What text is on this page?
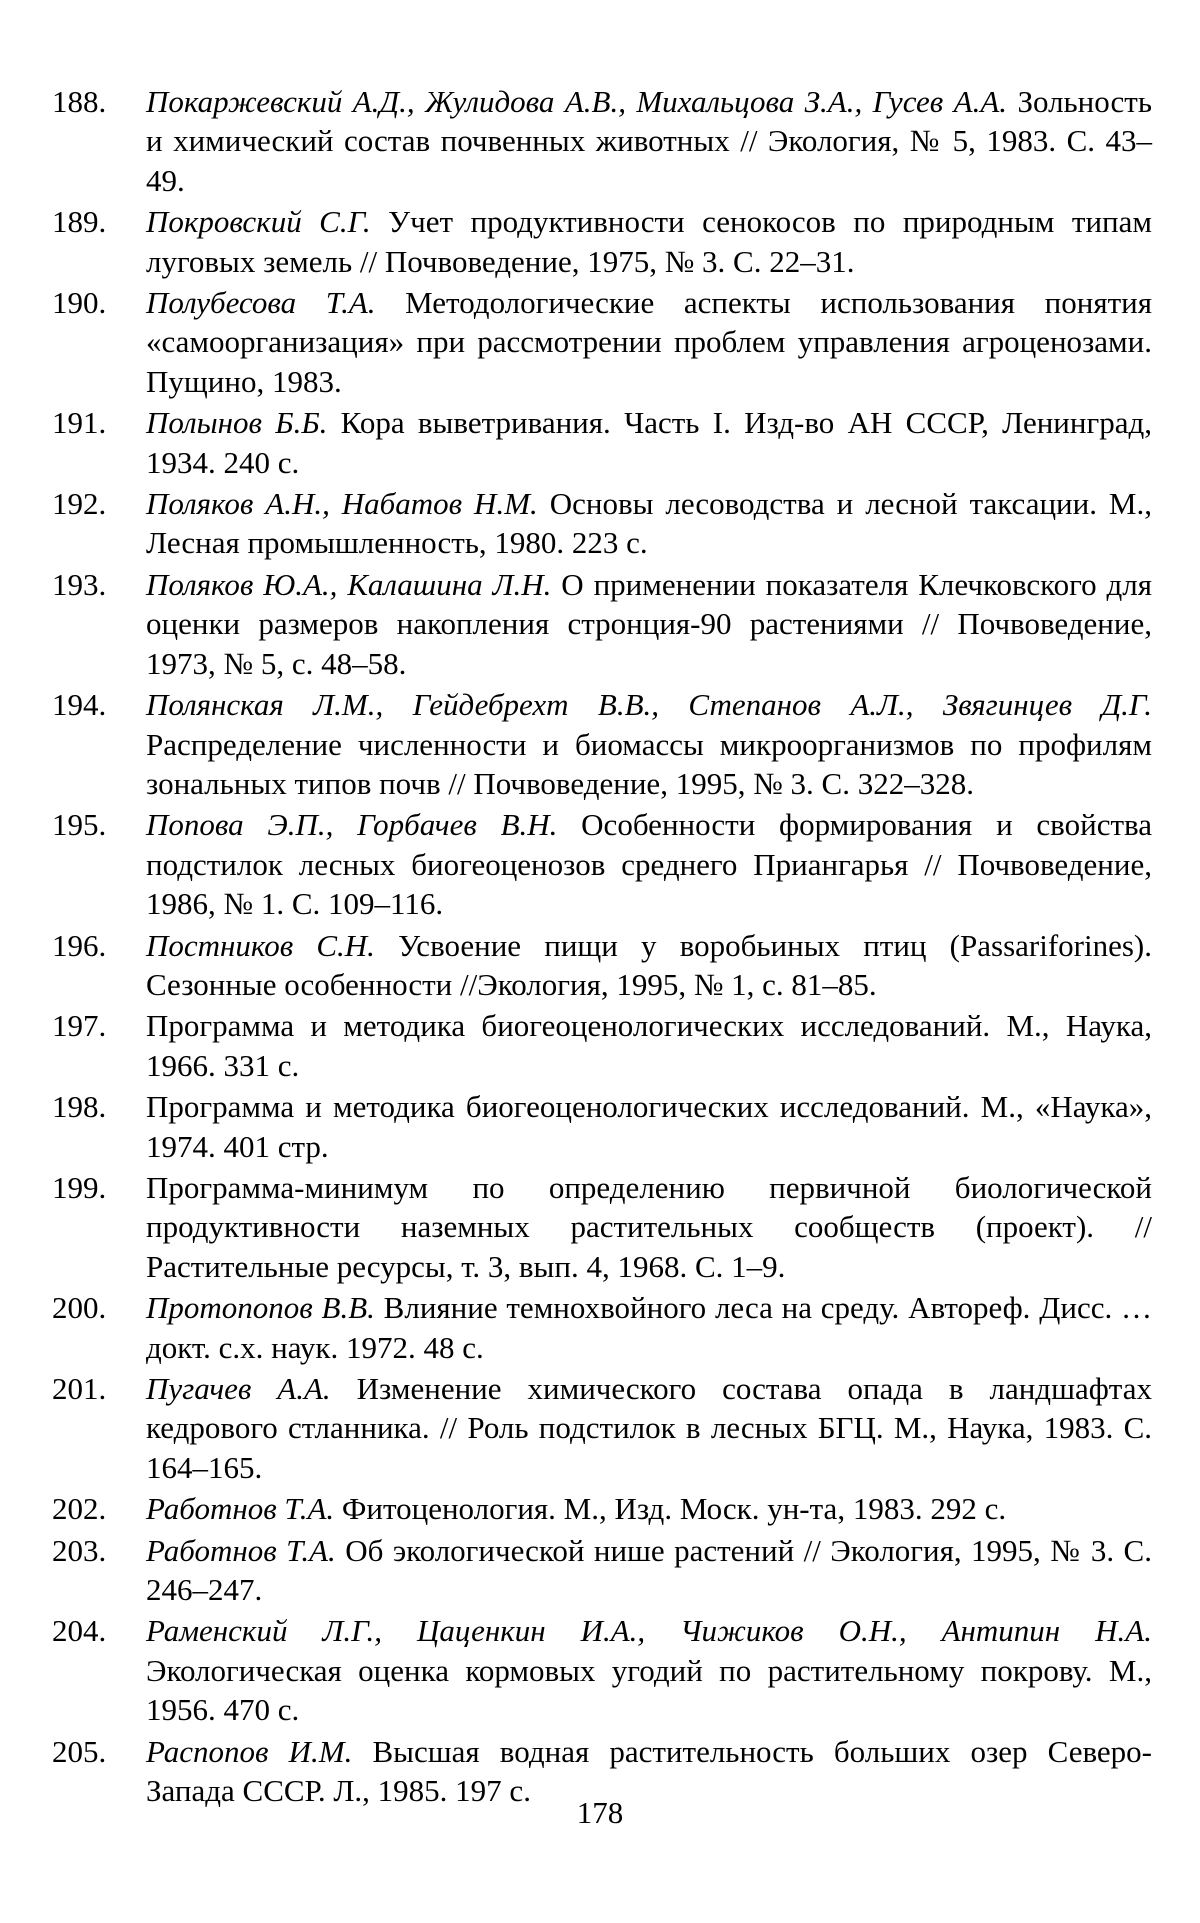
188.	Покаржевский А.Д., Жулидова А.В., Михальцова З.А., Гусев А.А. Зольность и химический состав почвенных животных // Экология, № 5, 1983. С. 43–49.
189.	Покровский С.Г. Учет продуктивности сенокосов по природным типам луговых земель // Почвоведение, 1975, № 3. С. 22–31.
190.	Полубесова Т.А. Методологические аспекты использования понятия «самоорганизация» при рассмотрении проблем управления агроценозами. Пущино, 1983.
191.	Полынов Б.Б. Кора выветривания. Часть I. Изд-во АН СССР, Ленинград, 1934. 240 с.
192.	Поляков А.Н., Набатов Н.М. Основы лесоводства и лесной таксации. М., Лесная промышленность, 1980. 223 с.
193.	Поляков Ю.А., Калашина Л.Н. О применении показателя Клечковского для оценки размеров накопления стронция-90 растениями // Почвоведение, 1973, № 5, с. 48–58.
194.	Полянская Л.М., Гейдебрехт В.В., Степанов А.Л., Звягинцев Д.Г. Распределение численности и биомассы микроорганизмов по профилям зональных типов почв // Почвоведение, 1995, № 3. С. 322–328.
195.	Попова Э.П., Горбачев В.Н. Особенности формирования и свойства подстилок лесных биогеоценозов среднего Приангарья // Почвоведение, 1986, № 1. С. 109–116.
196.	Постников С.Н. Усвоение пищи у воробьиных птиц (Passariforines). Сезонные особенности //Экология, 1995, № 1, с. 81–85.
197.	Программа и методика биогеоценологических исследований. М., Наука, 1966. 331 с.
198.	Программа и методика биогеоценологических исследований. М., «Наука», 1974. 401 стр.
199.	Программа-минимум по определению первичной биологической продуктивности наземных растительных сообществ (проект). // Растительные ресурсы, т. 3, вып. 4, 1968. С. 1–9.
200.	Протопопов В.В. Влияние темнохвойного леса на среду. Автореф. Дисс. … докт. с.х. наук. 1972. 48 с.
201.	Пугачев А.А. Изменение химического состава опада в ландшафтах кедрового стланника. // Роль подстилок в лесных БГЦ. М., Наука, 1983. С. 164–165.
202.	Работнов Т.А. Фитоценология. М., Изд. Моск. ун-та, 1983. 292 с.
203.	Работнов Т.А. Об экологической нише растений // Экология, 1995, № 3. С. 246–247.
204.	Раменский Л.Г., Цаценкин И.А., Чижиков О.Н., Антипин Н.А. Экологическая оценка кормовых угодий по растительному покрову. М., 1956. 470 с.
205.	Распопов И.М. Высшая водная растительность больших озер Северо-Запада СССР. Л., 1985. 197 с.
178
